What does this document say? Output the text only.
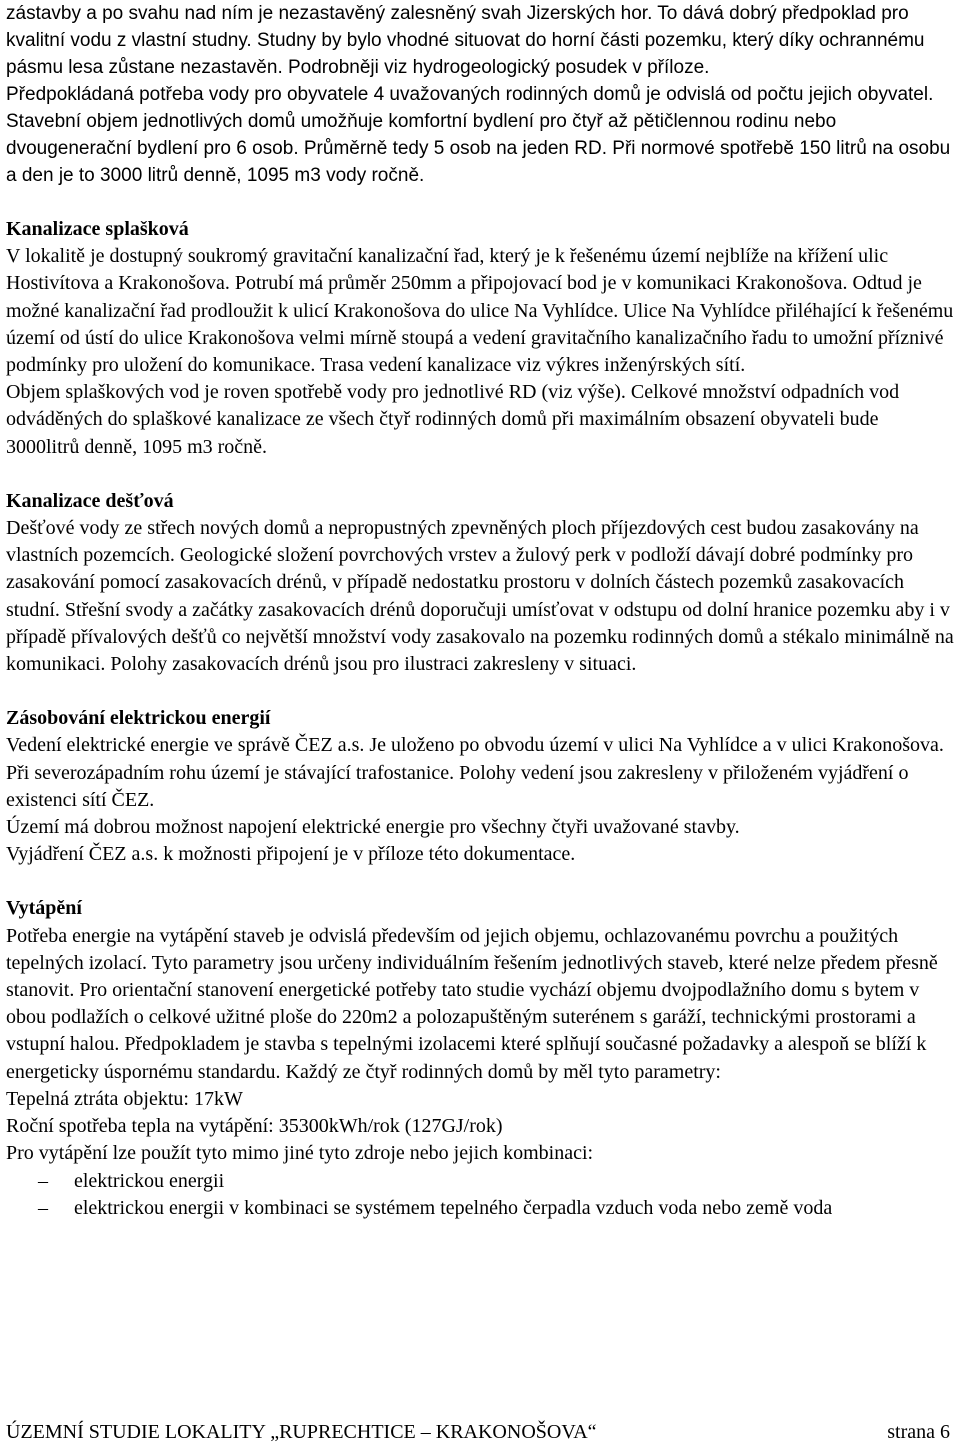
zástavby a po svahu nad ním je nezastavěný zalesněný svah Jizerských hor. To dává dobrý předpoklad pro kvalitní vodu z vlastní studny. Studny by bylo vhodné situovat do horní části pozemku, který díky ochrannému pásmu lesa zůstane nezastavěn. Podrobněji viz hydrogeologický posudek v příloze.

Předpokládaná potřeba vody pro obyvatele 4 uvažovaných rodinných domů je odvislá od počtu jejich obyvatel. Stavební objem jednotlivých domů umožňuje komfortní bydlení pro čtyř až pětičlennou rodinu nebo dvougenerační bydlení pro 6 osob. Průměrně tedy 5 osob na jeden RD. Při normové spotřebě 150 litrů na osobu a den je to 3000 litrů denně, 1095 m3 vody ročně.

Kanalizace splašková

V lokalitě je dostupný soukromý gravitační kanalizační řad, který je k řešenému území nejblíže na křížení ulic Hostivítova a Krakonošova. Potrubí má průměr 250mm a připojovací bod je v komunikaci Krakonošova. Odtud je možné kanalizační řad prodloužit k ulicí Krakonošova do ulice Na Vyhlídce. Ulice Na Vyhlídce přiléhající k řešenému území od ústí do ulice Krakonošova velmi mírně stoupá a vedení gravitačního kanalizačního řadu to umožní příznivé podmínky pro uložení do komunikace. Trasa vedení kanalizace viz výkres inženýrských sítí.

Objem splaškových vod je roven spotřebě vody pro jednotlivé RD (viz výše). Celkové množství odpadních vod odváděných do splaškové kanalizace ze všech čtyř rodinných domů při maximálním obsazení obyvateli bude 3000litrů denně, 1095 m3 ročně.

Kanalizace dešťová

Dešťové vody ze střech nových domů a nepropustných zpevněných ploch příjezdových cest budou zasakovány na vlastních pozemcích. Geologické složení povrchových vrstev a žulový perk v podloží dávají dobré podmínky pro zasakování pomocí zasakovacích drénů, v případě nedostatku prostoru v dolních částech pozemků zasakovacích studní. Střešní svody a začátky zasakovacích drénů doporučuji umísťovat v odstupu od dolní hranice pozemku aby i v případě přívalových dešťů co největší množství vody zasakovalo na pozemku rodinných domů a stékalo minimálně na komunikaci. Polohy zasakovacích drénů jsou pro ilustraci zakresleny v situaci.

Zásobování elektrickou energií

Vedení elektrické energie ve správě ČEZ a.s. Je uloženo po obvodu území v ulici Na Vyhlídce a v ulici Krakonošova. Při severozápadním rohu území je stávající trafostanice. Polohy vedení jsou zakresleny v přiloženém vyjádření o existenci sítí ČEZ.

Území má dobrou možnost napojení elektrické energie pro všechny čtyři uvažované stavby.

Vyjádření ČEZ a.s. k možnosti připojení je v příloze této dokumentace.

Vytápění

Potřeba energie na vytápění staveb je odvislá především od jejich objemu, ochlazovanému povrchu a použitých tepelných izolací. Tyto parametry jsou určeny individuálním řešením jednotlivých staveb, které nelze předem přesně stanovit. Pro orientační stanovení energetické potřeby tato studie vychází objemu dvojpodlažního domu s bytem v obou podlažích o celkové užitné ploše do 220m2 a polozapuštěným suterénem s garáží, technickými prostorami a vstupní halou. Předpokladem je stavba s tepelnými izolacemi které splňují současné požadavky a alespoň se blíží k energeticky úspornému standardu. Každý ze čtyř rodinných domů by měl tyto parametry:

Tepelná ztráta objektu: 17kW

Roční spotřeba tepla na vytápění: 35300kWh/rok (127GJ/rok)

Pro vytápění lze použít tyto mimo jiné tyto zdroje nebo jejich kombinaci:

– elektrickou energii
– elektrickou energii v kombinaci se systémem tepelného čerpadla vzduch voda nebo země voda
ÚZEMNÍ STUDIE LOKALITY „RUPRECHTICE – KRAKONOŠOVA“	strana 6
